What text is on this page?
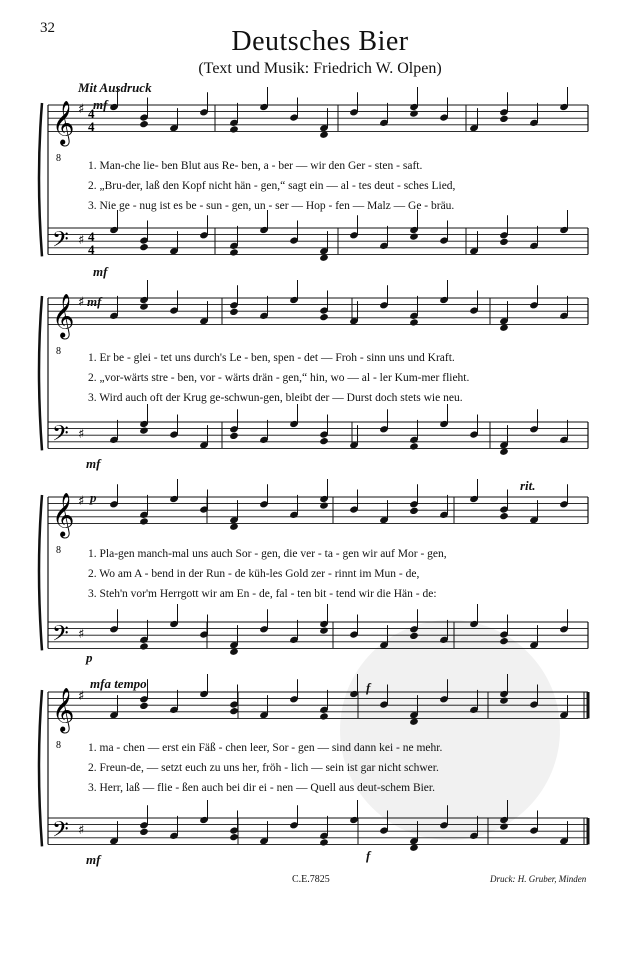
32	Deutsches Bier
(Text und Musik: Friedrich W. Olpen)
𝄞 ♯
𝄢 ♯
8
4
4
4
4
𝄞 ♯
𝄢 ♯
8
𝄞 ♯
𝄢 ♯
8
𝄞 ♯
𝄢 ♯
8
Mit Ausdruck
mf
mf
mf
mf
p
p
rit.
mfa tempo	f
mf	f
1. Man-che lie- ben Blut aus Re- ben, a - ber — wir den Ger - sten - saft.
2. „Bru-der, laß den Kopf nicht hän - gen,“ sagt ein — al - tes deut - sches Lied,
3. Nie ge - nug ist es be - sun - gen, un - ser — Hop - fen — Malz — Ge - bräu.
1. Er be - glei - tet uns durch's Le - ben, spen - det — Froh - sinn uns und Kraft.
2. „vor-wärts stre - ben, vor - wärts drän - gen,“ hin, wo — al - ler Kum-mer flieht.
3. Wird auch oft der Krug ge-schwun-gen, bleibt der — Durst doch stets wie neu.
1. Pla-gen manch-mal uns auch Sor - gen, die ver - ta - gen wir auf Mor - gen,
2. Wo am A - bend in der Run - de küh-les Gold zer - rinnt im Mun - de,
3. Steh'n vor'm Herrgott wir am En - de, fal - ten bit - tend wir die Hän - de:
1. ma - chen — erst ein Fäß - chen leer, Sor - gen — sind dann kei - ne mehr.
2. Freun-de, — setzt euch zu uns her, fröh - lich — sein ist gar nicht schwer.
3. Herr, laß — flie - ßen auch bei dir ei - nen — Quell aus deut-schem Bier.
C.E.7825	Druck: H. Gruber, Minden
